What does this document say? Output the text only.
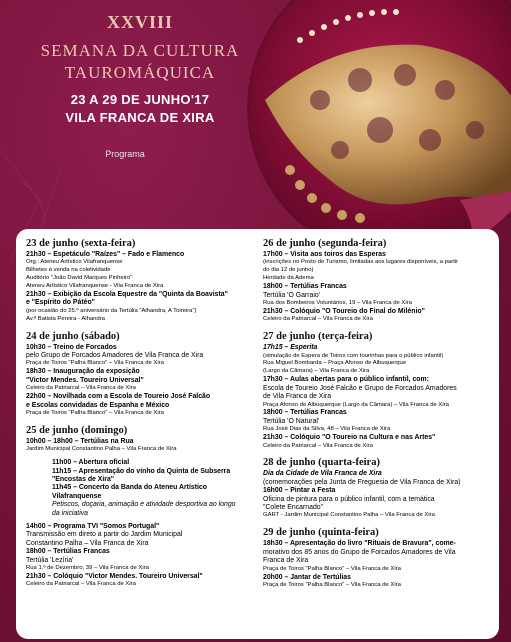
XXVIII
SEMANA DA CULTURA
TAUROMÁQUICA
23 A 29 DE JUNHO'17
VILA FRANCA DE XIRA
Programa
23 de junho (sexta-feira)
21h30 – Espetáculo "Raízes" – Fado e Flamenco
Org.: Ateneu Artístico Vilafranquense
Bilhetes à venda na coletividade
Auditório "João David Marques Pinheiro"
Ateneu Artístico Vilafranquense - Vila Franca de Xira
21h30 – Exibição da Escola Equestre da "Quinta da Boavista"
e "Espírito do Pátéo"
(por ocasião do 25.º aniversário da Tertúlia "Alhandra, A Toireira")
Av.ª Batista Pereira - Alhandra
24 de junho (sábado)
10h30 – Treino de Forcados
pelo Grupo de Forcados Amadores de Vila Franca de Xira
Praça de Toiros "Palha Blanco" – Vila Franca de Xira
18h30 – Inauguração da exposição
"Victor Mendes. Toureiro Universal"
Celeiro da Patriarcal – Vila Franca de Xira
22h00 – Novilhada com a Escola de Toureio José Falcão
e Escolas convidadas de Espanha e México
Praça de Toiros "Palha Blanco" – Vila Franca de Xira
25 de junho (domingo)
10h00 – 18h00 – Tertúlias na Rua
Jardim Municipal Constantino Palha – Vila Franca de Xira
11h00 – Abertura oficial
11h15 – Apresentação do vinho da Quinta de Subserra
"Encostas de Xira"
11h45 – Concerto da Banda do Ateneu Artístico
Vilafranquense
Petiscos, doçaria, animação e atividade desportiva ao longo
da iniciativa
14h00 – Programa TVI "Somos Portugal"
Transmissão em direto a partir do Jardim Municipal
Constantino Palha – Vila Franca de Xira
18h00 – Tertúlias Francas
Tertúlia 'Lezíria'
Rua 1.º de Dezembro, 39 – Vila Franca de Xira
21h30 – Colóquio "Victor Mendes. Toureiro Universal"
Celeiro da Patriarcal – Vila Franca de Xira
26 de junho (segunda-feira)
17h00 – Visita aos toiros das Esperas
(inscrições no Posto de Turismo, limitadas aos lugares disponíveis, a partir
do dia 12 de junho)
Herdade da Adema
18h00 – Tertúlias Francas
Tertúlia 'O Garraio'
Rua dos Bombeiros Voluntários, 19 – Vila Franca de Xira
21h30 – Colóquio "O Toureio do Final do Milénio"
Celeiro da Patriarcal – Vila Franca de Xira
27 de junho (terça-feira)
17h15 – Esperita
(simulação de Espera de Toiros com tourinhas para o público infantil)
Rua Miguel Bombarda – Praça Afonso de Albuquerque
(Largo da Câmara) – Vila Franca de Xira
17h30 – Aulas abertas para o público infantil, com:
Escola de Toureio José Falcão e Grupo de Forcados Amadores
de Vila Franca de Xira
Praça Afonso de Albuquerque (Largo da Câmara) – Vila Franca de Xira
18h00 – Tertúlias Francas
Tertúlia 'O Natural'
Rua José Dias da Silva, 48 – Vila Franca de Xira
21h30 – Colóquio "O Toureio na Cultura e nas Artes"
Celeiro da Patriarcal – Vila Franca de Xira
28 de junho (quarta-feira)
Dia da Cidade de Vila Franca de Xira
(comemorações pela Junta de Freguesia de Vila Franca de Xira)
16h00 – Pintar a Festa
Oficina de pintura para o público infantil, com a temática
"Colete Encarnado"
GART - Jardim Municipal Constantino Palha – Vila Franca de Xira
29 de junho (quinta-feira)
18h30 – Apresentação do livro "Rituais de Bravura", come-
morativo dos 85 anos do Grupo de Forcados Amadores de Vila
Franca de Xira
Praça de Toiros "Palha Blanco" – Vila Franca de Xira
20h00 – Jantar de Tertúlias
Praça de Toiros "Palha Blanco" – Vila Franca de Xira
